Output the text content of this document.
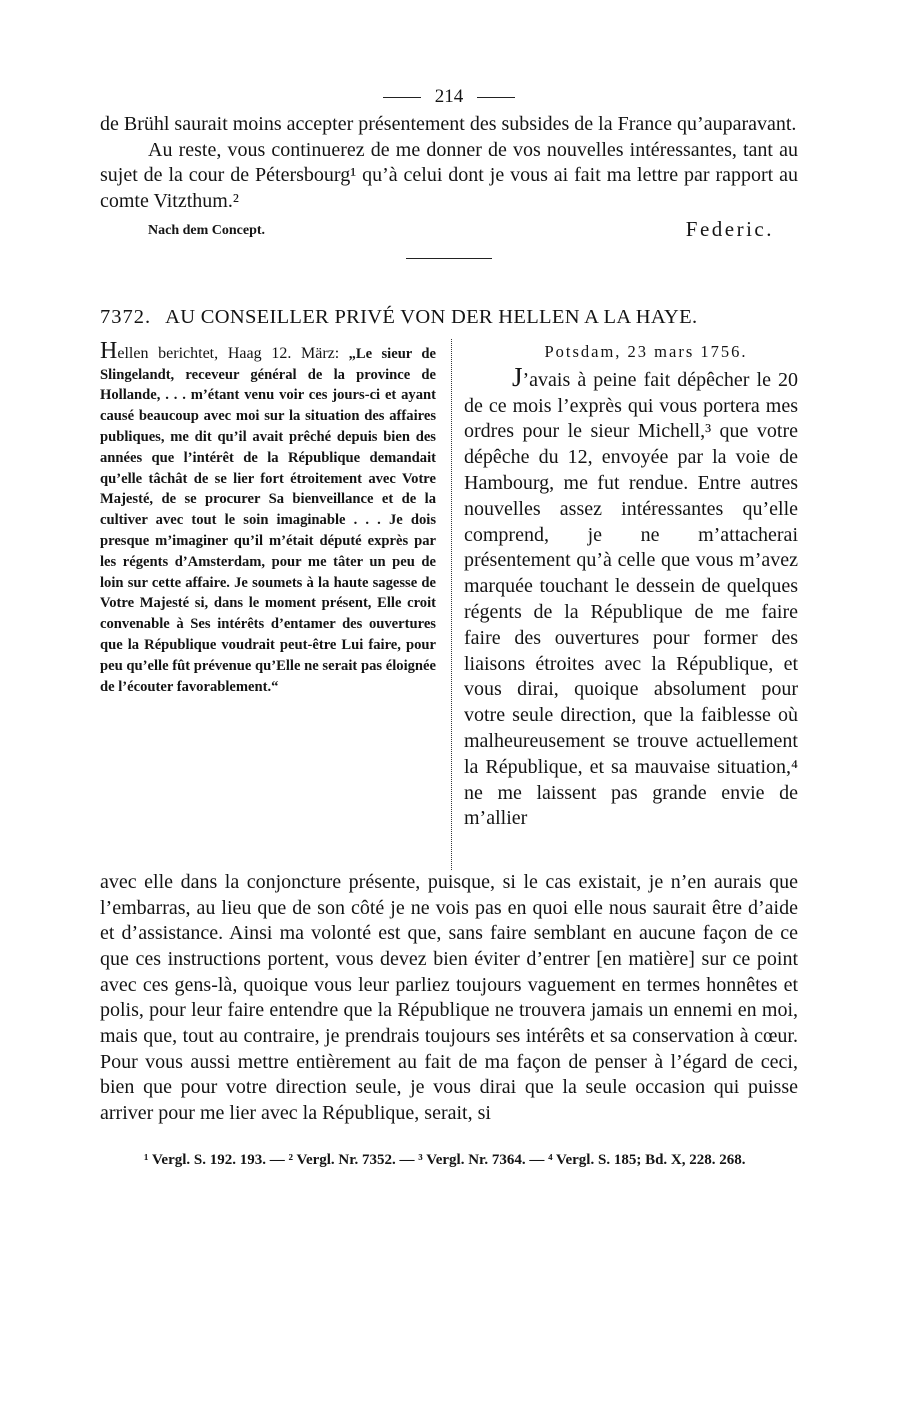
214

de Brühl saurait moins accepter présentement des subsides de la France qu’auparavant.

Au reste, vous continuerez de me donner de vos nouvelles intéressantes, tant au sujet de la cour de Pétersbourg¹ qu’à celui dont je vous ai fait ma lettre par rapport au comte Vitzthum.²

Nach dem Concept.	Federic.
7372. AU CONSEILLER PRIVÉ VON DER HELLEN A LA HAYE.
Hellen berichtet, Haag 12. März: „Le sieur de Slingelandt, receveur général de la province de Hollande, . . . m’étant venu voir ces jours-ci et ayant causé beaucoup avec moi sur la situation des affaires publiques, me dit qu’il avait prêché depuis bien des années que l’intérêt de la République demandait qu’elle tâchât de se lier fort étroitement avec Votre Majesté, de se procurer Sa bienveillance et de la cultiver avec tout le soin imaginable . . . Je dois presque m’imaginer qu’il m’était député exprès par les régents d’Amsterdam, pour me tâter un peu de loin sur cette affaire. Je soumets à la haute sagesse de Votre Majesté si, dans le moment présent, Elle croit convenable à Ses intérêts d’entamer des ouvertures que la République voudrait peut-être Lui faire, pour peu qu’elle fût prévenue qu’Elle ne serait pas éloignée de l’écouter favorablement.“
Potsdam, 23 mars 1756.

J’avais à peine fait dépêcher le 20 de ce mois l’exprès qui vous portera mes ordres pour le sieur Michell,³ que votre dépêche du 12, envoyée par la voie de Hambourg, me fut rendue. Entre autres nouvelles assez intéressantes qu’elle comprend, je ne m’attacherai présentement qu’à celle que vous m’avez marquée touchant le dessein de quelques régents de la République de me faire faire des ouvertures pour former des liaisons étroites avec la République, et vous dirai, quoique absolument pour votre seule direction, que la faiblesse où malheureusement se trouve actuellement la République, et sa mauvaise situation,⁴ ne me laissent pas grande envie de m’allier

avec elle dans la conjoncture présente, puisque, si le cas existait, je n’en aurais que l’embarras, au lieu que de son côté je ne vois pas en quoi elle nous saurait être d’aide et d’assistance. Ainsi ma volonté est que, sans faire semblant en aucune façon de ce que ces instructions portent, vous devez bien éviter d’entrer [en matière] sur ce point avec ces gens-là, quoique vous leur parliez toujours vaguement en termes honnêtes et polis, pour leur faire entendre que la République ne trouvera jamais un ennemi en moi, mais que, tout au contraire, je prendrais toujours ses intérêts et sa conservation à cœur. Pour vous aussi mettre entièrement au fait de ma façon de penser à l’égard de ceci, bien que pour votre direction seule, je vous dirai que la seule occasion qui puisse arriver pour me lier avec la République, serait, si

¹ Vergl. S. 192. 193. — ² Vergl. Nr. 7352. — ³ Vergl. Nr. 7364. — ⁴ Vergl. S. 185; Bd. X, 228. 268.
